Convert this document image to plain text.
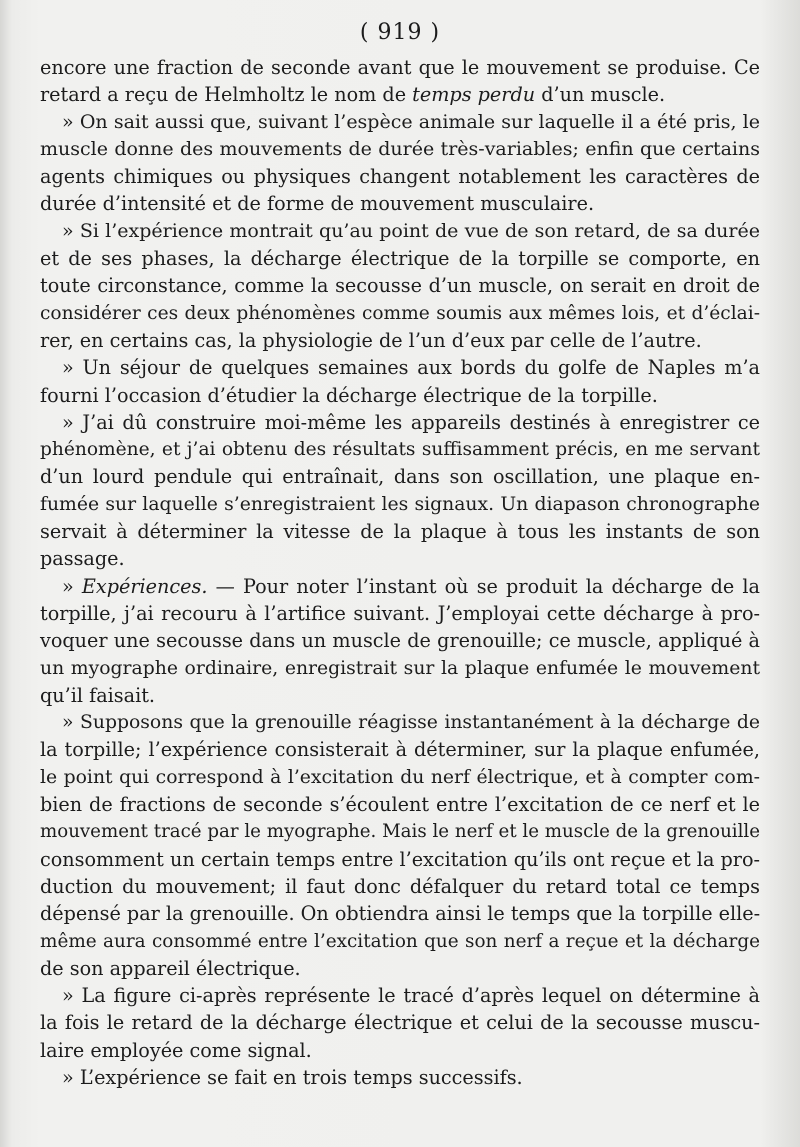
( 919 )
encore une fraction de seconde avant que le mouvement se produise. Ce
retard a reçu de Helmholtz le nom de temps perdu d’un muscle.
» On sait aussi que, suivant l’espèce animale sur laquelle il a été pris, le
muscle donne des mouvements de durée très-variables; enfin que certains
agents chimiques ou physiques changent notablement les caractères de
durée d’intensité et de forme de mouvement musculaire.
» Si l’expérience montrait qu’au point de vue de son retard, de sa durée
et de ses phases, la décharge électrique de la torpille se comporte, en
toute circonstance, comme la secousse d’un muscle, on serait en droit de
considérer ces deux phénomènes comme soumis aux mêmes lois, et d’éclai-
rer, en certains cas, la physiologie de l’un d’eux par celle de l’autre.
» Un séjour de quelques semaines aux bords du golfe de Naples m’a
fourni l’occasion d’étudier la décharge électrique de la torpille.
» J’ai dû construire moi-même les appareils destinés à enregistrer ce
phénomène, et j’ai obtenu des résultats suffisamment précis, en me servant
d’un lourd pendule qui entraînait, dans son oscillation, une plaque en-
fumée sur laquelle s’enregistraient les signaux. Un diapason chronographe
servait à déterminer la vitesse de la plaque à tous les instants de son
passage.
» Expériences. — Pour noter l’instant où se produit la décharge de la
torpille, j’ai recouru à l’artifice suivant. J’employai cette décharge à pro-
voquer une secousse dans un muscle de grenouille; ce muscle, appliqué à
un myographe ordinaire, enregistrait sur la plaque enfumée le mouvement
qu’il faisait.
» Supposons que la grenouille réagisse instantanément à la décharge de
la torpille; l’expérience consisterait à déterminer, sur la plaque enfumée,
le point qui correspond à l’excitation du nerf électrique, et à compter com-
bien de fractions de seconde s’écoulent entre l’excitation de ce nerf et le
mouvement tracé par le myographe. Mais le nerf et le muscle de la grenouille
consomment un certain temps entre l’excitation qu’ils ont reçue et la pro-
duction du mouvement; il faut donc défalquer du retard total ce temps
dépensé par la grenouille. On obtiendra ainsi le temps que la torpille elle-
même aura consommé entre l’excitation que son nerf a reçue et la décharge
de son appareil électrique.
» La figure ci-après représente le tracé d’après lequel on détermine à
la fois le retard de la décharge électrique et celui de la secousse muscu-
laire employée come signal.
» L’expérience se fait en trois temps successifs.
